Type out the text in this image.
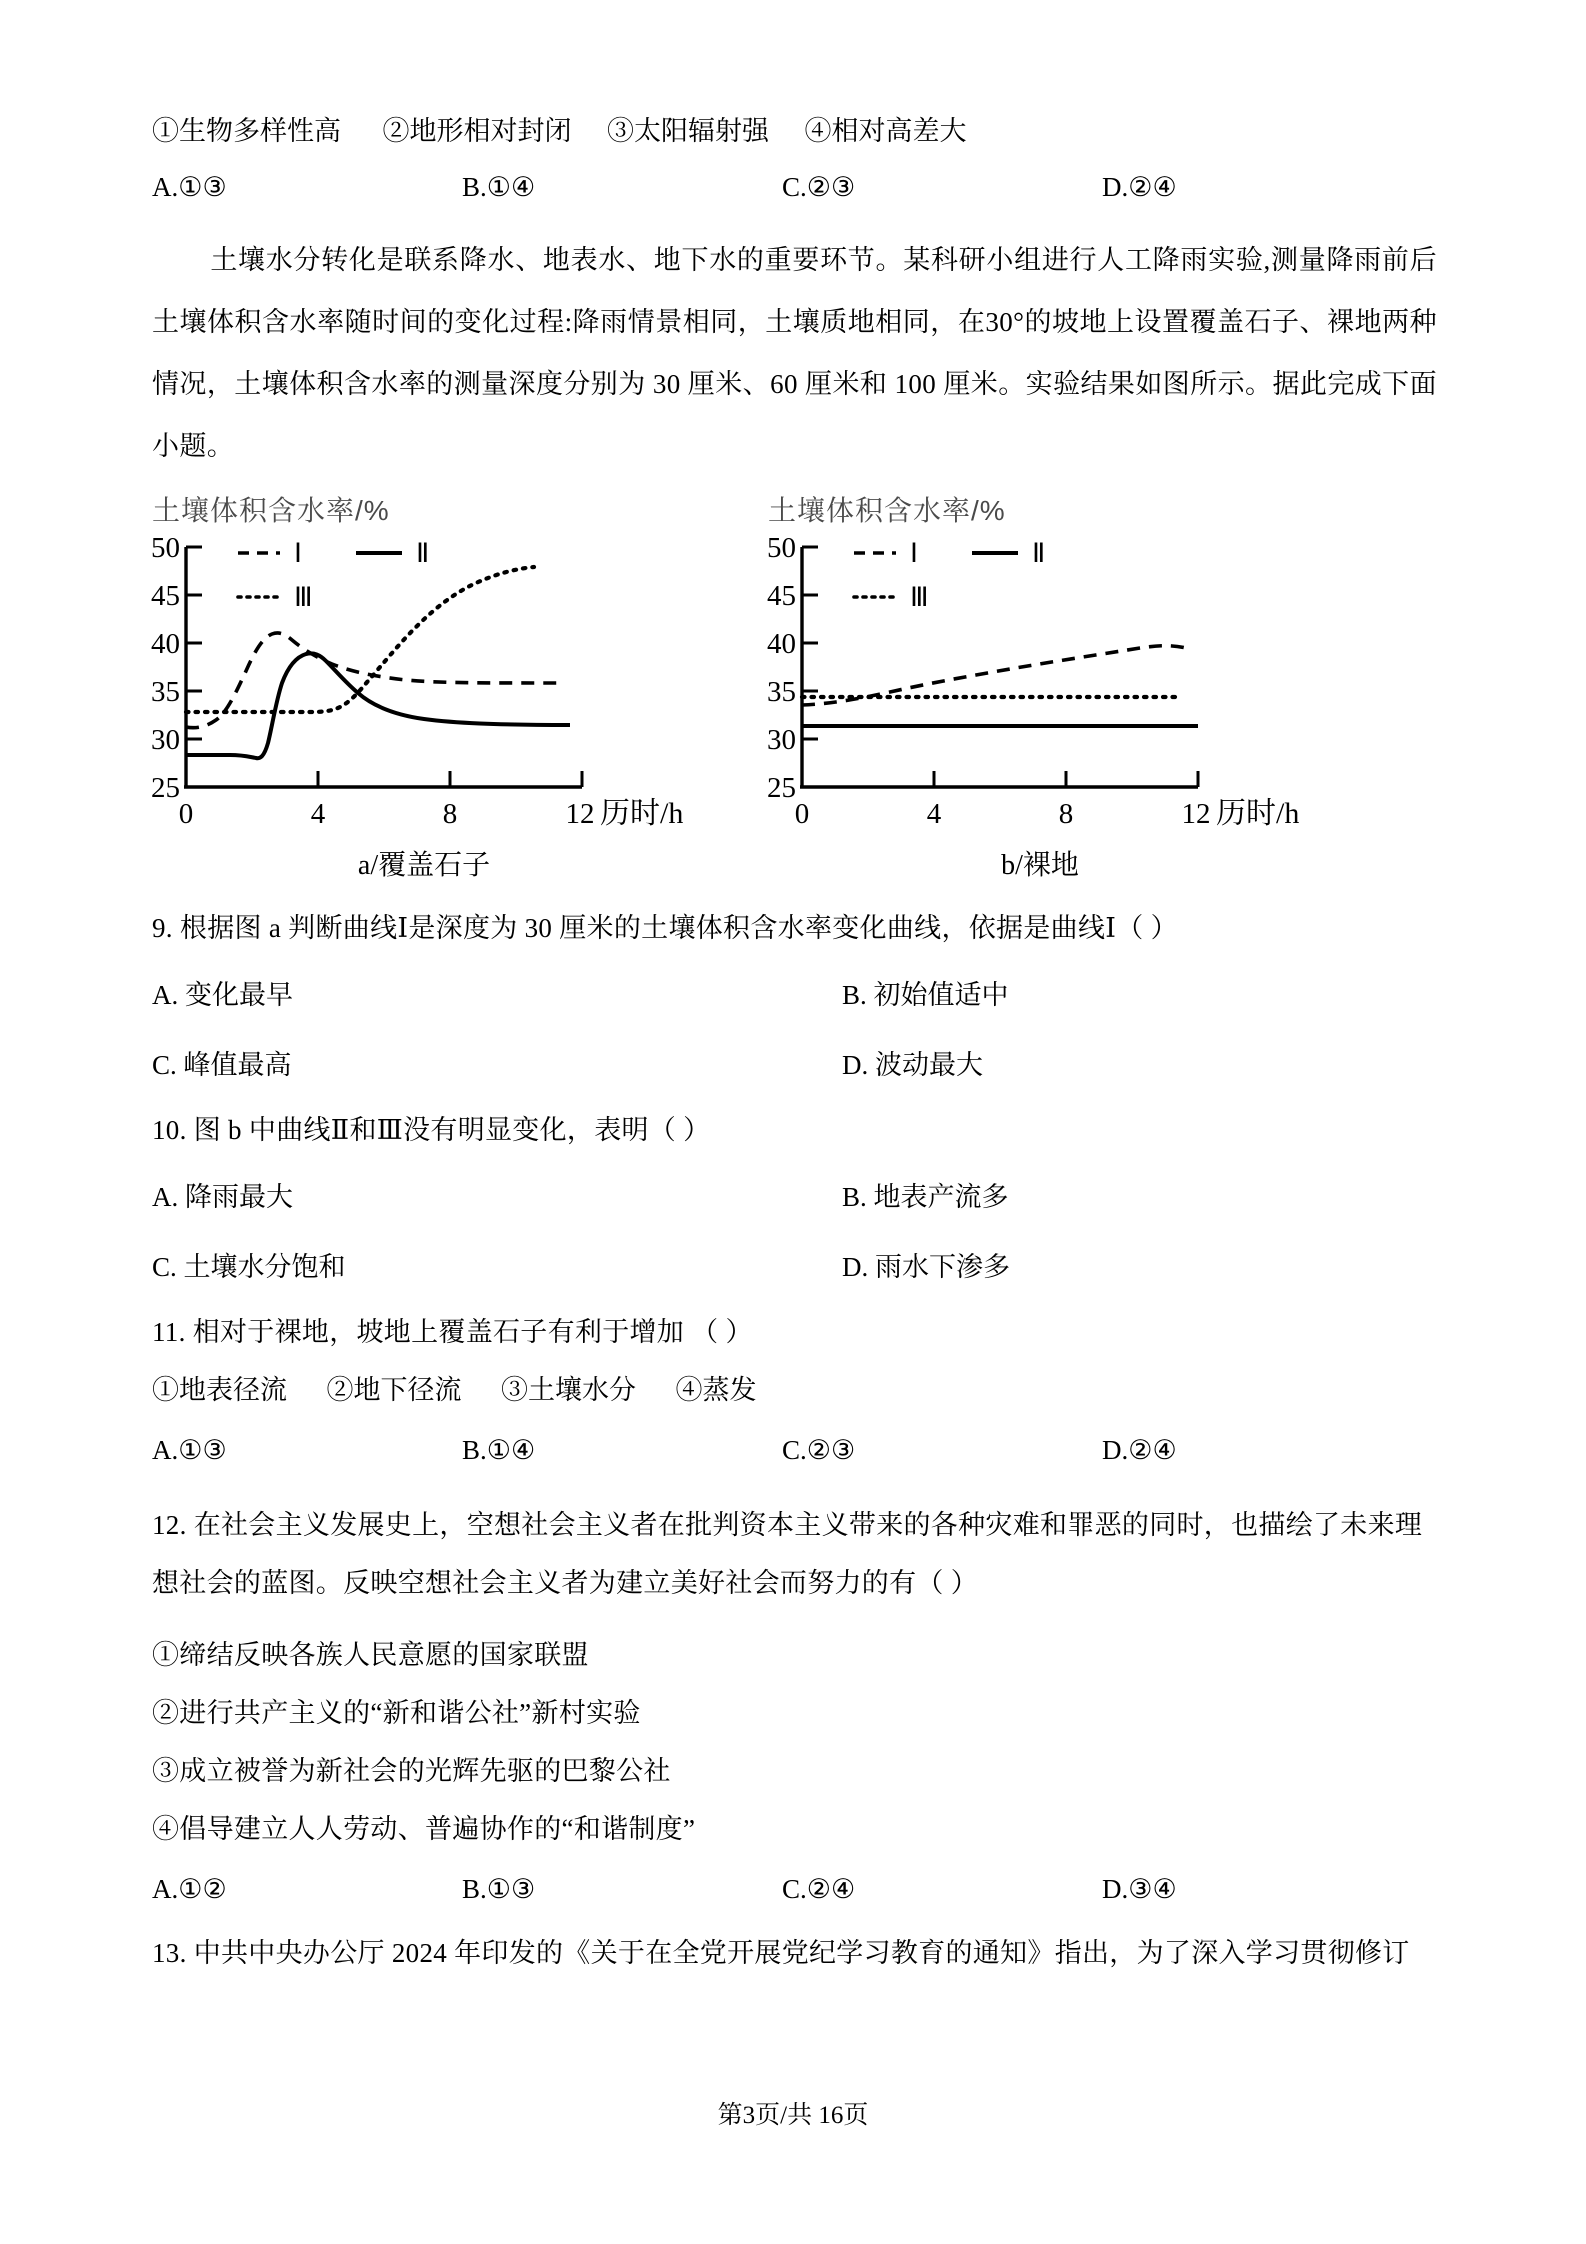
①生物多样性高 ②地形相对封闭 ③太阳辐射强 ④相对高差大
A.①③	B.①④	C.②③	D.②④
土壤水分转化是联系降水、地表水、地下水的重要环节。某科研小组进行人工降雨实验,测量降雨前后土壤体积含水率随时间的变化过程:降雨情景相同，土壤质地相同，在30°的坡地上设置覆盖石子、裸地两种情况，土壤体积含水率的测量深度分别为 30 厘米、60 厘米和 100 厘米。实验结果如图所示。据此完成下面小题。
土壤体积含水率/%
50
45
40
35
30
25
0	4	8	12 历时/h
Ⅰ	Ⅱ
Ⅲ
a/覆盖石子
土壤体积含水率/%
50
45
40
35
30
25
0	4	8	12 历时/h
Ⅰ	Ⅱ
Ⅲ
b/裸地
9. 根据图 a 判断曲线Ⅰ是深度为 30 厘米的土壤体积含水率变化曲线，依据是曲线Ⅰ（ ）
A. 变化最早	B. 初始值适中
C. 峰值最高	D. 波动最大
10. 图 b 中曲线Ⅱ和Ⅲ没有明显变化，表明（ ）
A. 降雨最大	B. 地表产流多
C. 土壤水分饱和	D. 雨水下渗多
11. 相对于裸地，坡地上覆盖石子有利于增加 （ ）
①地表径流 ②地下径流 ③土壤水分 ④蒸发
A.①③	B.①④	C.②③	D.②④
12. 在社会主义发展史上，空想社会主义者在批判资本主义带来的各种灾难和罪恶的同时，也描绘了未来理想社会的蓝图。反映空想社会主义者为建立美好社会而努力的有（ ）
①缔结反映各族人民意愿的国家联盟
②进行共产主义的“新和谐公社”新村实验
③成立被誉为新社会的光辉先驱的巴黎公社
④倡导建立人人劳动、普遍协作的“和谐制度”
A.①②	B.①③	C.②④	D.③④
13. 中共中央办公厅 2024 年印发的《关于在全党开展党纪学习教育的通知》指出，为了深入学习贯彻修订
第3页/共 16页
